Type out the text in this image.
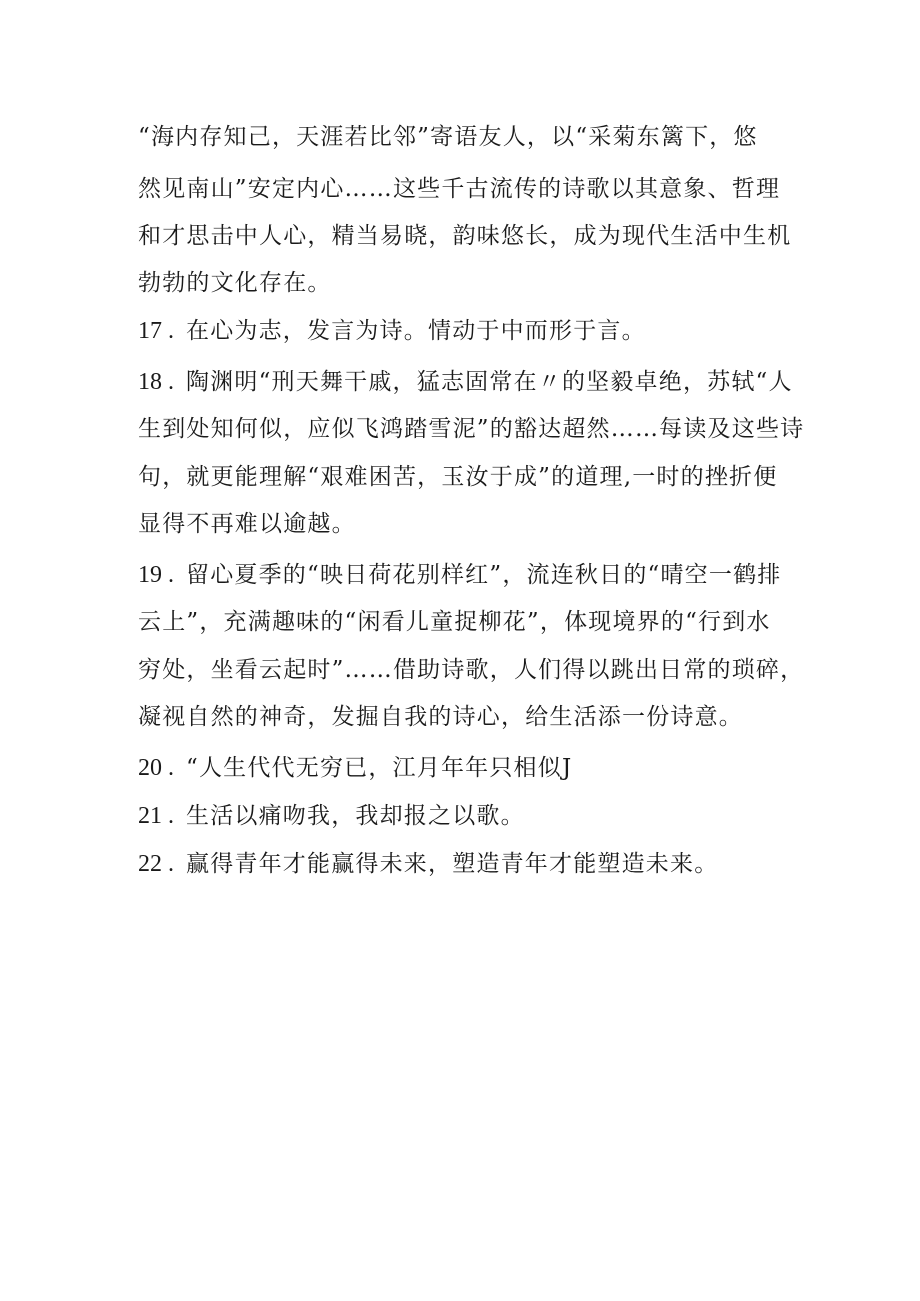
“海内存知己，天涯若比邻”寄语友人，以“采菊东篱下，悠
然见南山”安定内心……这些千古流传的诗歌以其意象、哲理
和才思击中人心，精当易晓，韵味悠长，成为现代生活中生机
勃勃的文化存在。
17 . 在心为志，发言为诗。情动于中而形于言。
18 . 陶渊明“刑天舞干戚，猛志固常在〃的坚毅卓绝，苏轼“人
生到处知何似，应似飞鸿踏雪泥”的豁达超然……每读及这些诗
句，就更能理解“艰难困苦，玉汝于成”的道理,一时的挫折便
显得不再难以逾越。
19 . 留心夏季的“映日荷花别样红”，流连秋日的“晴空一鹤排
云上”，充满趣味的“闲看儿童捉柳花”，体现境界的“行到水
穷处，坐看云起时”……借助诗歌，人们得以跳出日常的琐碎，
凝视自然的神奇，发掘自我的诗心，给生活添一份诗意。
20 . “人生代代无穷已，江月年年只相似J
21 . 生活以痛吻我，我却报之以歌。
22 . 赢得青年才能赢得未来，塑造青年才能塑造未来。
